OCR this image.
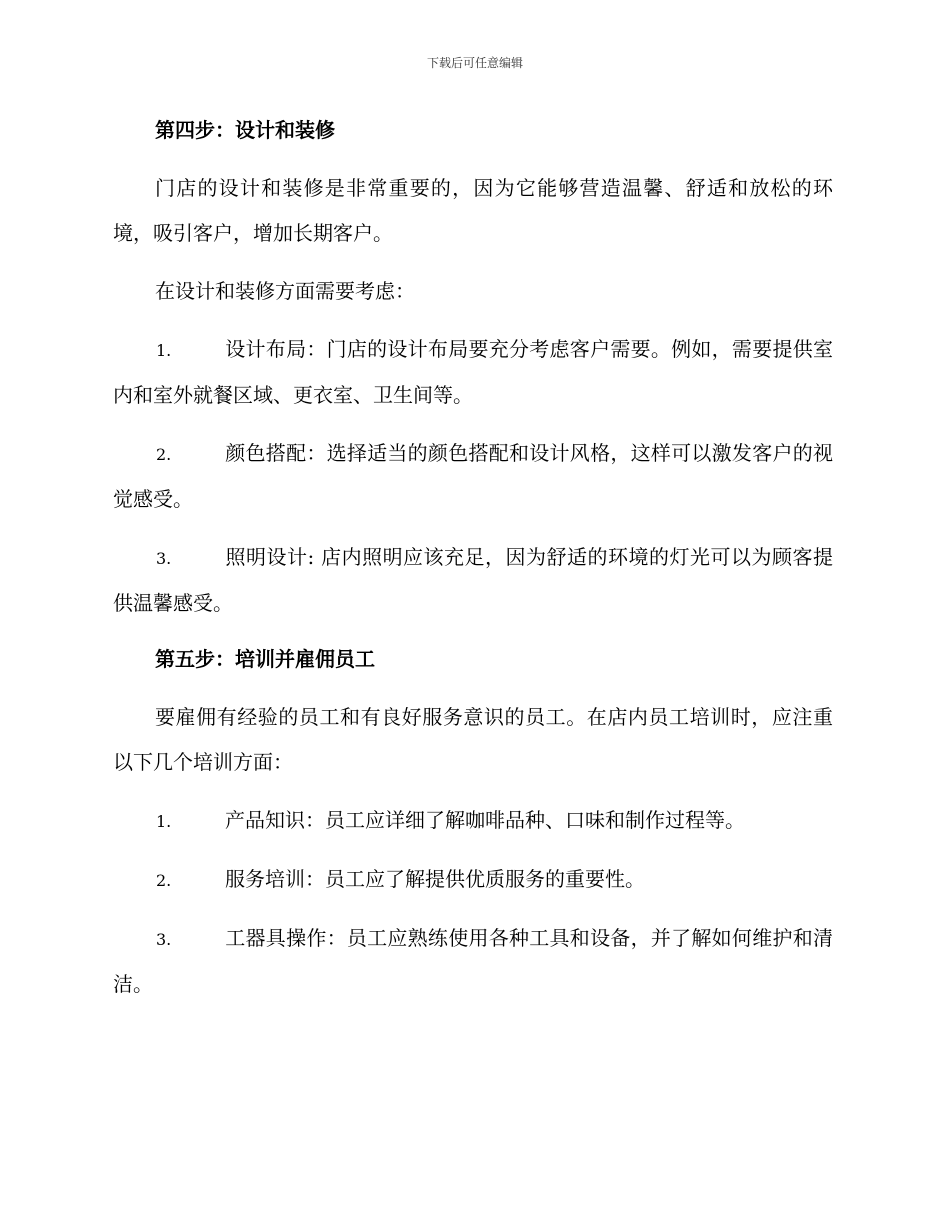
下载后可任意编辑
第四步：设计和装修

门店的设计和装修是非常重要的，因为它能够营造温馨、舒适和放松的环境，吸引客户，增加长期客户。

在设计和装修方面需要考虑：

1.	设计布局：门店的设计布局要充分考虑客户需要。例如，需要提供室内和室外就餐区域、更衣室、卫生间等。
2.	颜色搭配：选择适当的颜色搭配和设计风格，这样可以激发客户的视觉感受。
3.	照明设计: 店内照明应该充足，因为舒适的环境的灯光可以为顾客提供温馨感受。
第五步：培训并雇佣员工

要雇佣有经验的员工和有良好服务意识的员工。在店内员工培训时，应注重以下几个培训方面：

1.	产品知识：员工应详细了解咖啡品种、口味和制作过程等。
2.	服务培训：员工应了解提供优质服务的重要性。
3.	工器具操作：员工应熟练使用各种工具和设备，并了解如何维护和清洁。
